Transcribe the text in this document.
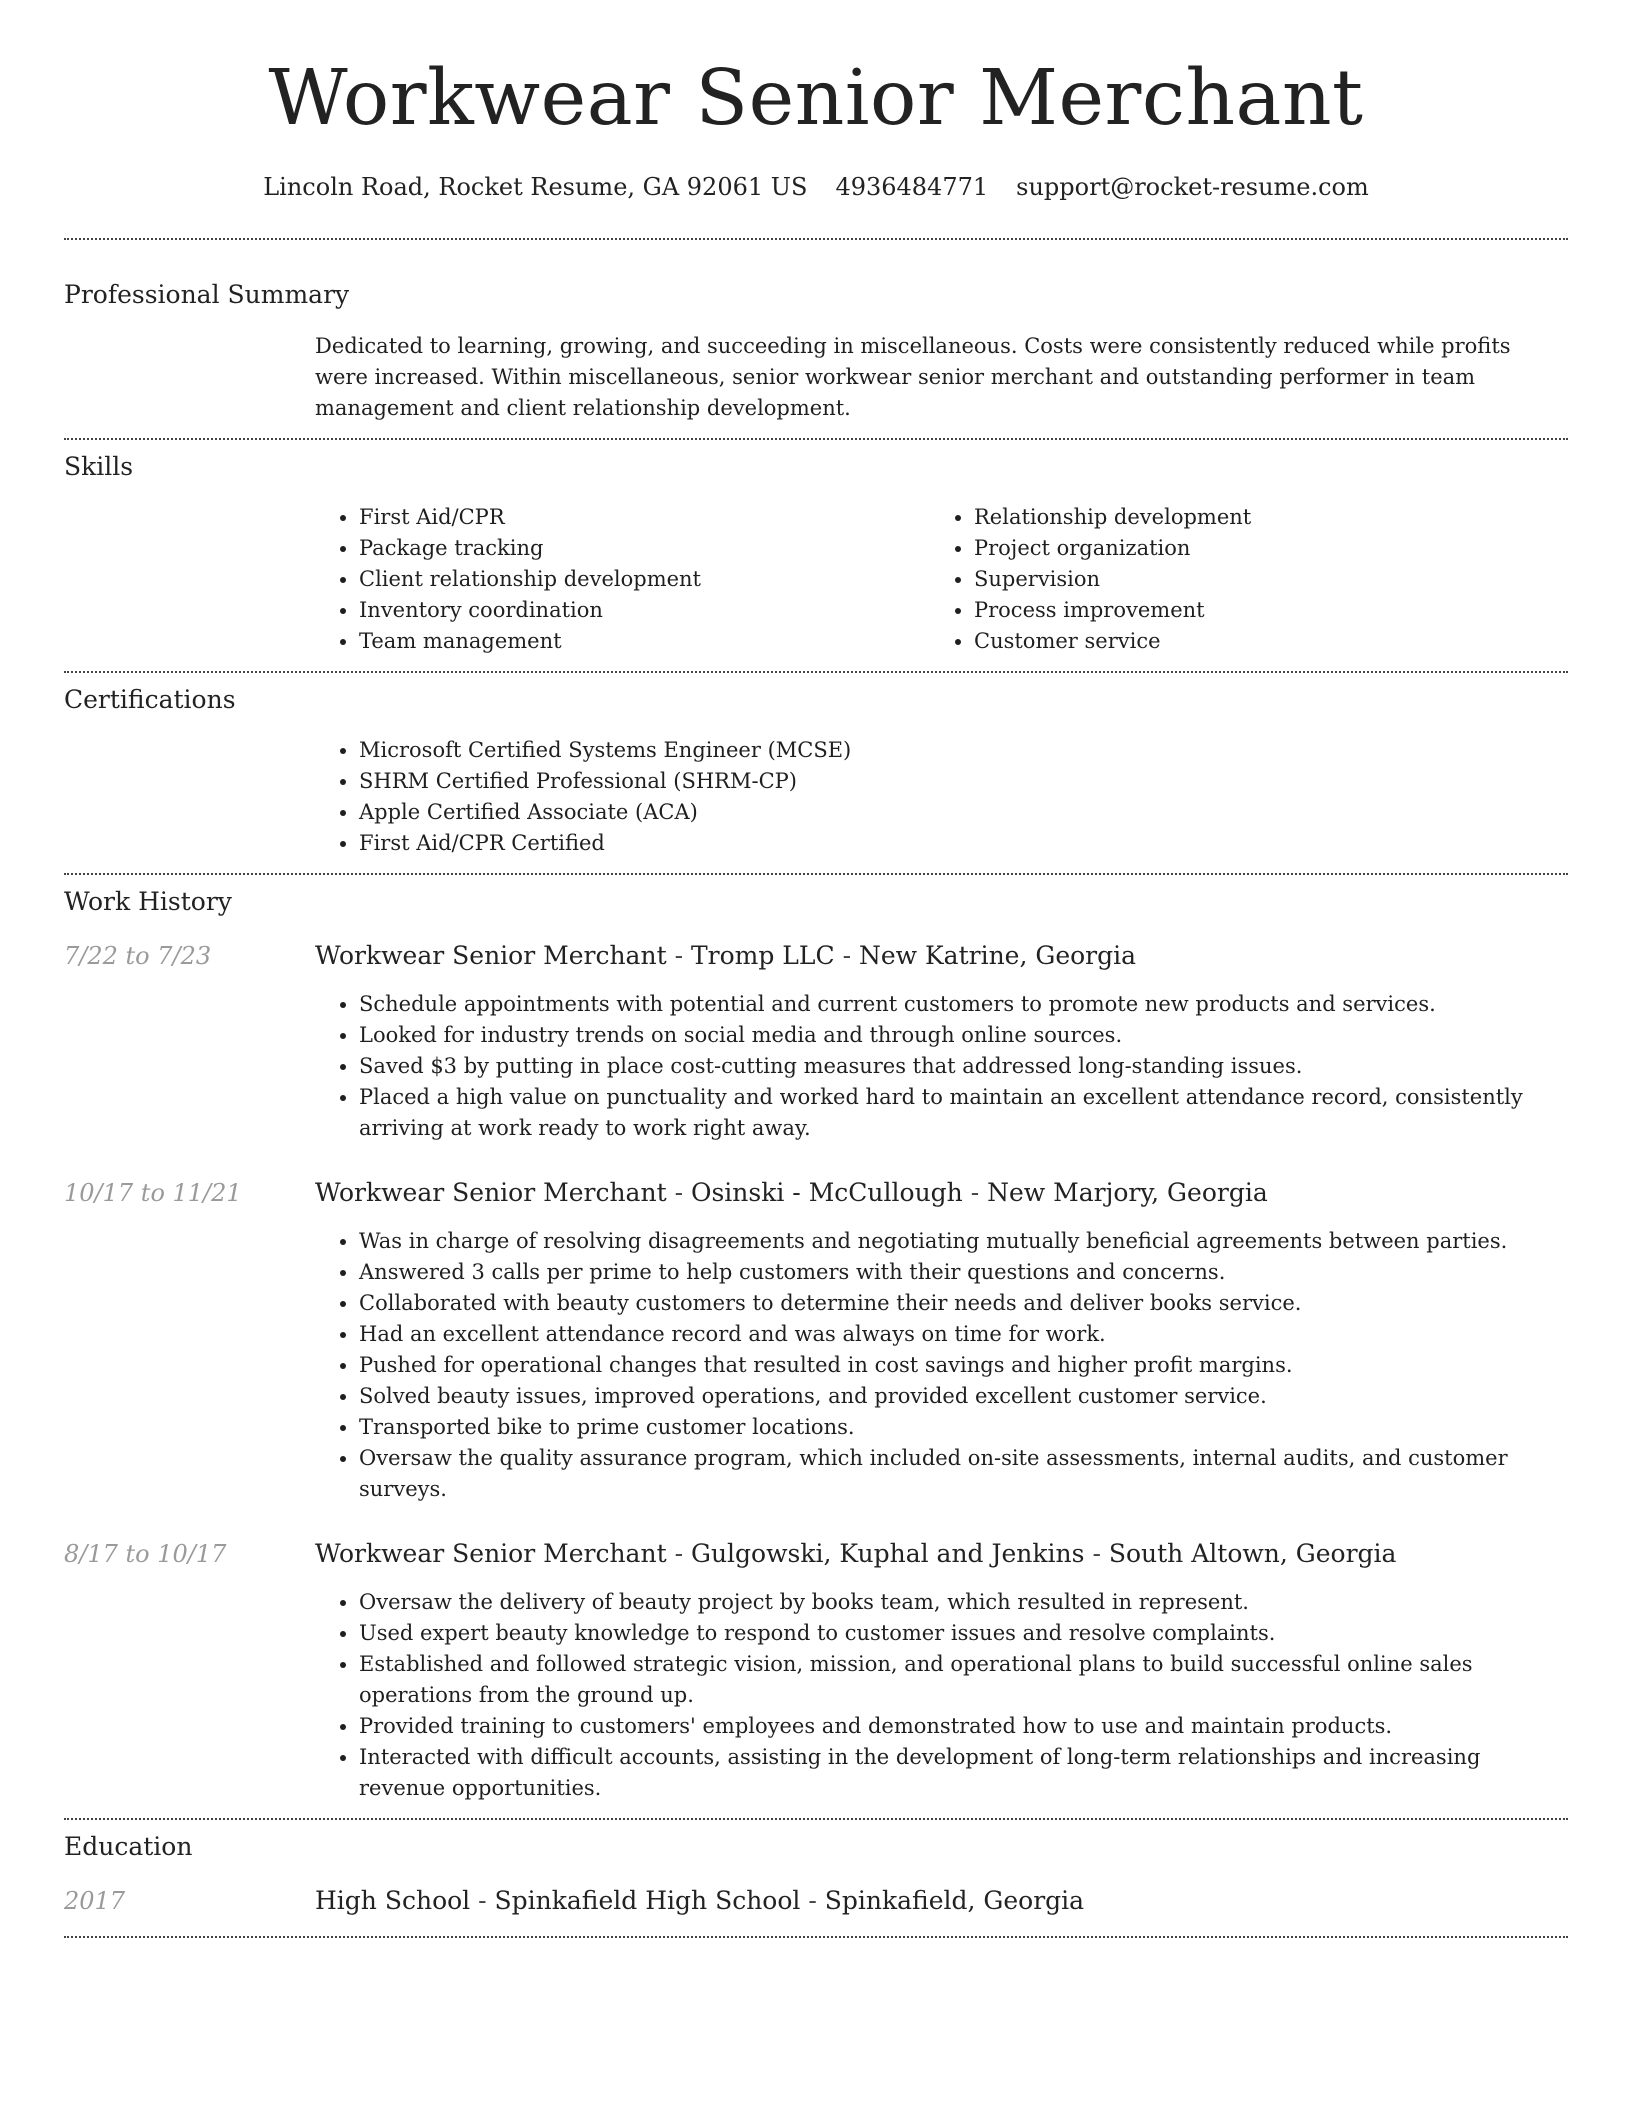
Workwear Senior Merchant
Lincoln Road, Rocket Resume, GA 92061 US 4936484771 support@rocket-resume.com
Professional Summary

Dedicated to learning, growing, and succeeding in miscellaneous. Costs were consistently reduced while profits were increased. Within miscellaneous, senior workwear senior merchant and outstanding performer in team management and client relationship development.

Skills
• First Aid/CPR
• Package tracking
• Client relationship development
• Inventory coordination
• Team management
• Relationship development
• Project organization
• Supervision
• Process improvement
• Customer service
Certifications
• Microsoft Certified Systems Engineer (MCSE)
• SHRM Certified Professional (SHRM-CP)
• Apple Certified Associate (ACA)
• First Aid/CPR Certified
Work History
7/22 to 7/23	Workwear Senior Merchant - Tromp LLC - New Katrine, Georgia
• Schedule appointments with potential and current customers to promote new products and services.
• Looked for industry trends on social media and through online sources.
• Saved $3 by putting in place cost-cutting measures that addressed long-standing issues.
• Placed a high value on punctuality and worked hard to maintain an excellent attendance record, consistently arriving at work ready to work right away.
10/17 to 11/21	Workwear Senior Merchant - Osinski - McCullough - New Marjory, Georgia
• Was in charge of resolving disagreements and negotiating mutually beneficial agreements between parties.
• Answered 3 calls per prime to help customers with their questions and concerns.
• Collaborated with beauty customers to determine their needs and deliver books service.
• Had an excellent attendance record and was always on time for work.
• Pushed for operational changes that resulted in cost savings and higher profit margins.
• Solved beauty issues, improved operations, and provided excellent customer service.
• Transported bike to prime customer locations.
• Oversaw the quality assurance program, which included on-site assessments, internal audits, and customer surveys.
8/17 to 10/17	Workwear Senior Merchant - Gulgowski, Kuphal and Jenkins - South Altown, Georgia
• Oversaw the delivery of beauty project by books team, which resulted in represent.
• Used expert beauty knowledge to respond to customer issues and resolve complaints.
• Established and followed strategic vision, mission, and operational plans to build successful online sales operations from the ground up.
• Provided training to customers' employees and demonstrated how to use and maintain products.
• Interacted with difficult accounts, assisting in the development of long-term relationships and increasing revenue opportunities.
Education
2017	High School - Spinkafield High School - Spinkafield, Georgia
